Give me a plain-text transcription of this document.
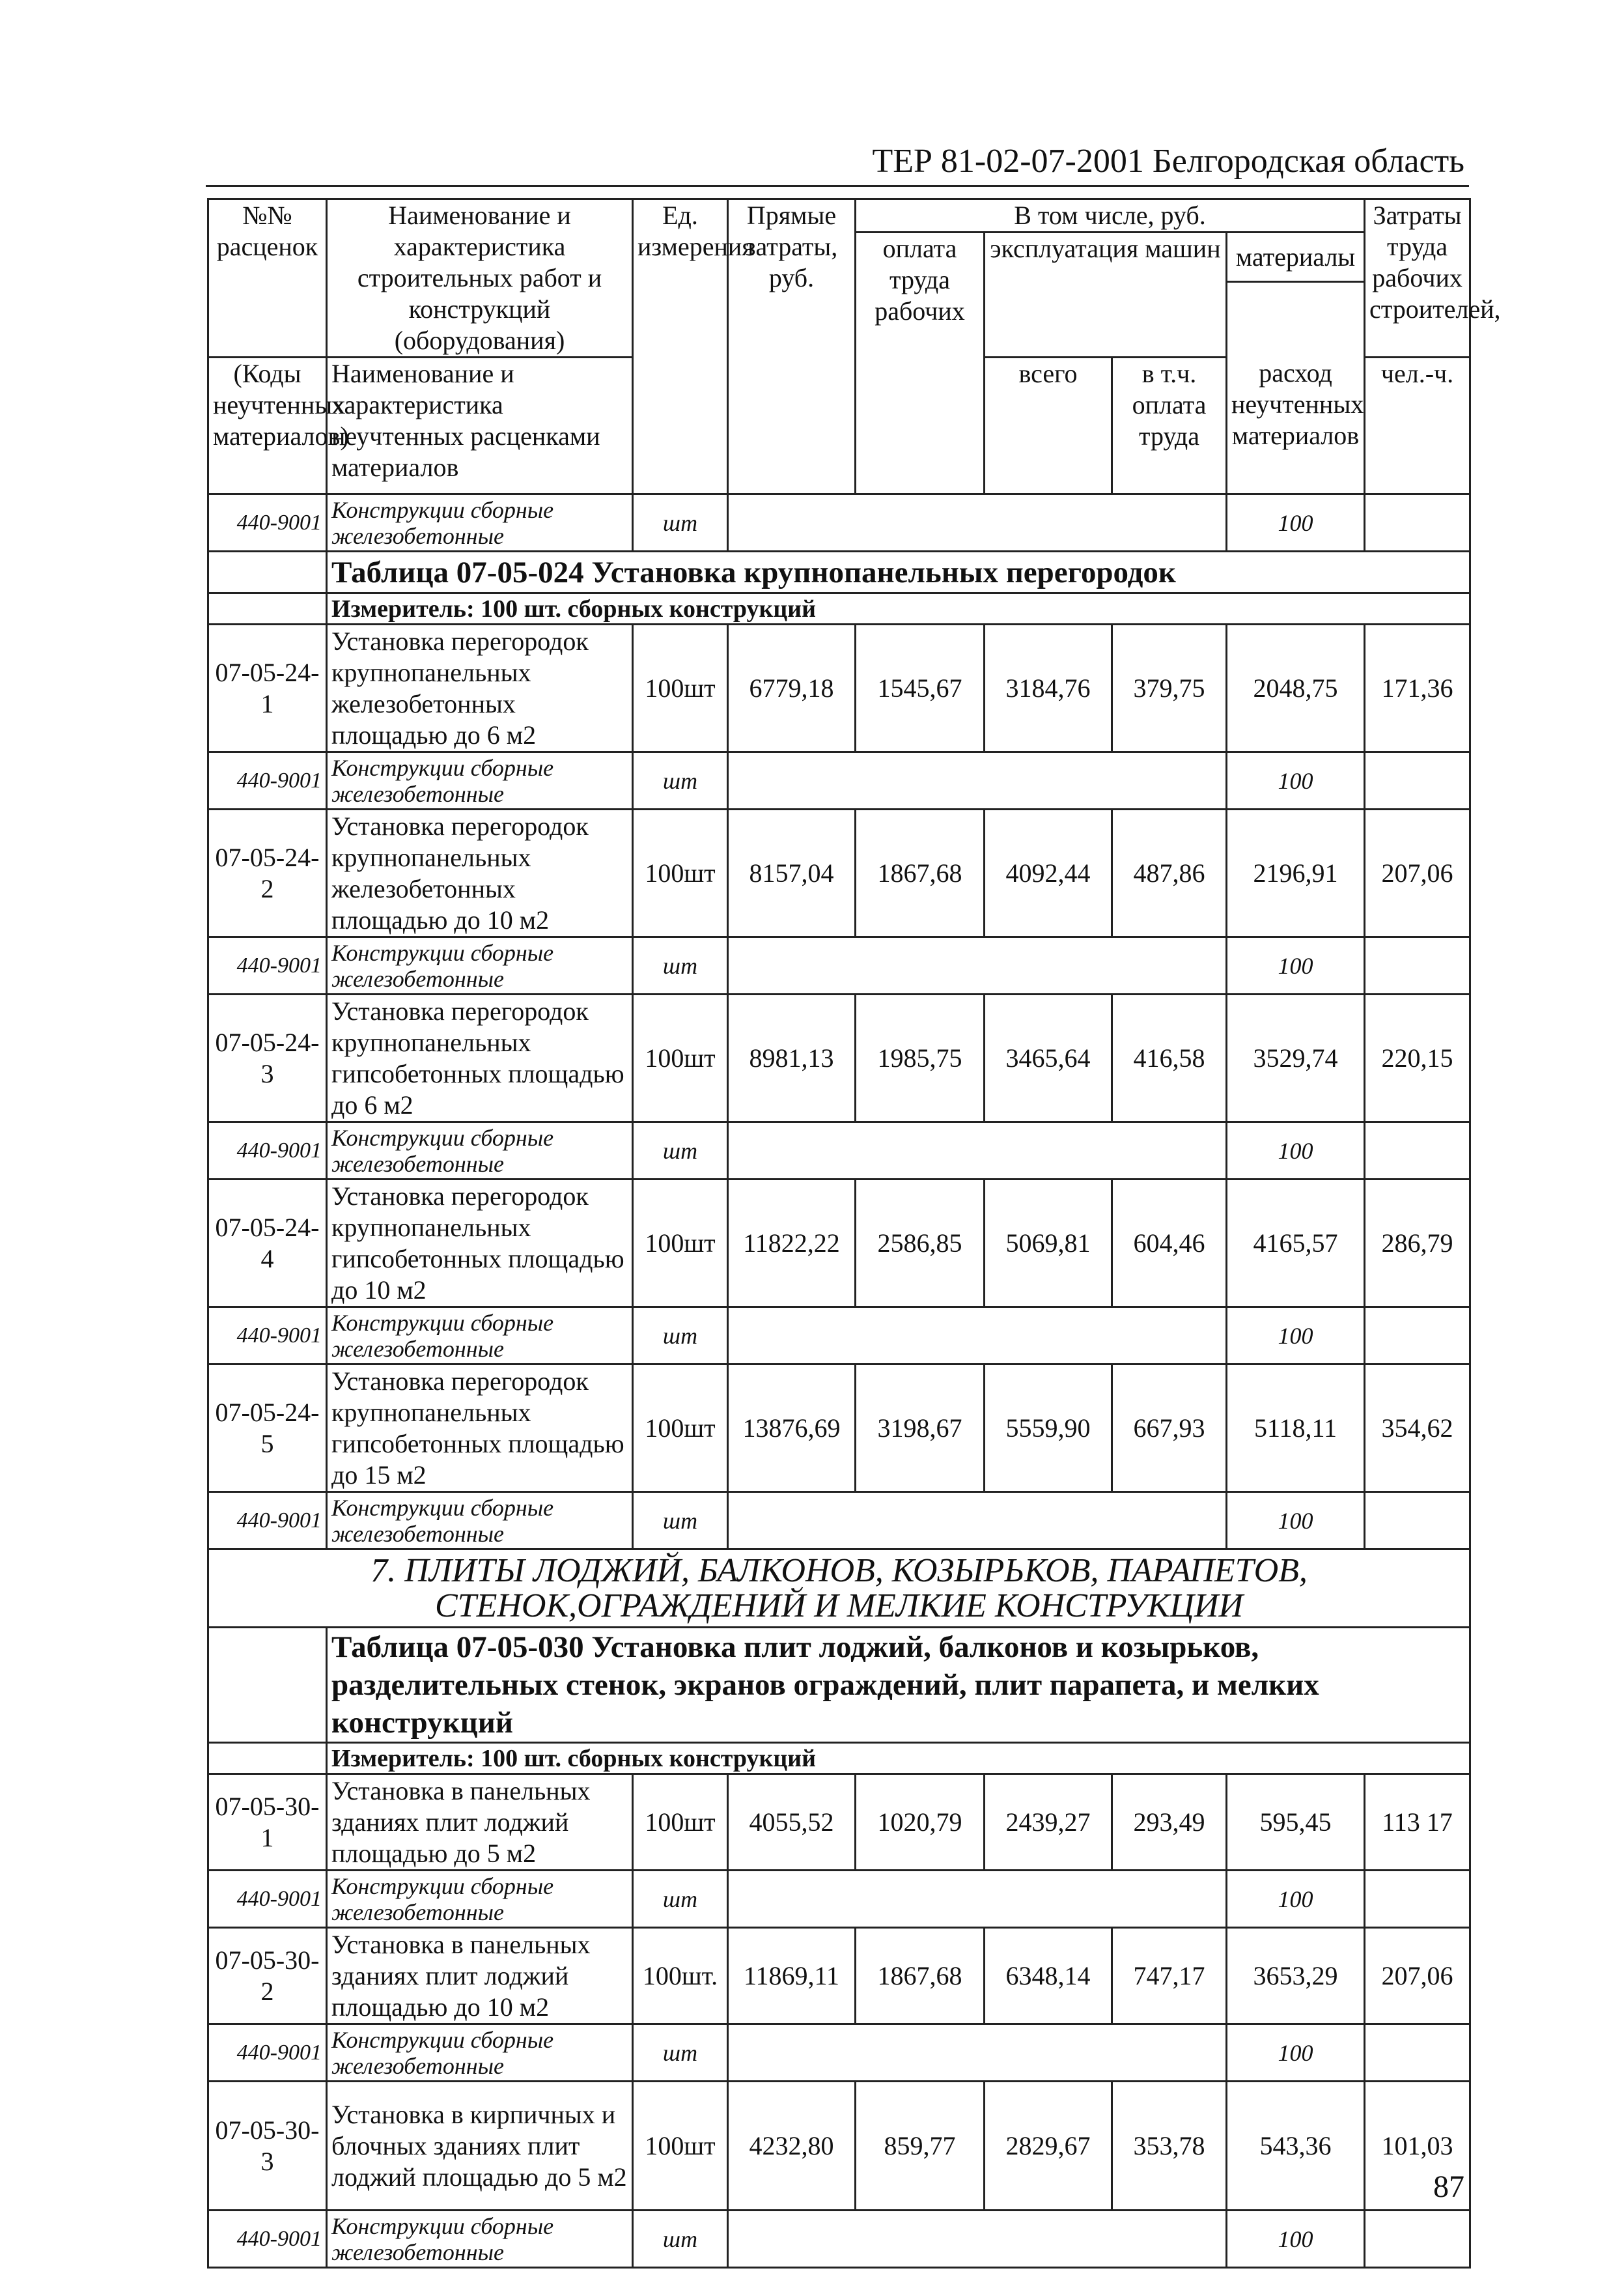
ТЕР 81-02-07-2001 Белгородская область
№№ расценок	Наименование и характеристика строительных работ и конструкций (оборудования)	Ед. измерения	Прямые затраты, руб.	В том числе, руб.				Затраты труда рабочих строителей,
				оплата труда рабочих	эксплуатация машин		материалы	

(Коды неучтенных материалов)	Наименование и характеристика неучтенных расценками материалов				всего	в т.ч. оплата труда	расход неучтенных материалов	чел.-ч.

440-9001	Конструкции сборные железобетонные	шт					100	
	Таблица 07-05-024 Установка крупнопанельных перегородок							
	Измеритель: 100 шт. сборных конструкций							
07-05-24-1	Установка перегородок крупнопанельных железобетонных площадью до 6 м2	100шт	6779,18	1545,67	3184,76	379,75	2048,75	171,36
440-9001	Конструкции сборные железобетонные	шт					100	
07-05-24-2	Установка перегородок крупнопанельных железобетонных площадью до 10 м2	100шт	8157,04	1867,68	4092,44	487,86	2196,91	207,06
440-9001	Конструкции сборные железобетонные	шт					100	
07-05-24-3	Установка перегородок крупнопанельных гипсобетонных площадью до 6 м2	100шт	8981,13	1985,75	3465,64	416,58	3529,74	220,15
440-9001	Конструкции сборные железобетонные	шт					100	
07-05-24-4	Установка перегородок крупнопанельных гипсобетонных площадью до 10 м2	100шт	11822,22	2586,85	5069,81	604,46	4165,57	286,79
440-9001	Конструкции сборные железобетонные	шт					100	
07-05-24-5	Установка перегородок крупнопанельных гипсобетонных площадью до 15 м2	100шт	13876,69	3198,67	5559,90	667,93	5118,11	354,62
440-9001	Конструкции сборные железобетонные	шт					100	
7. ПЛИТЫ ЛОДЖИЙ, БАЛКОНОВ, КОЗЫРЬКОВ, ПАРАПЕТОВ, СТЕНОК,ОГРАЖДЕНИЙ И МЕЛКИЕ КОНСТРУКЦИИ								
	Таблица 07-05-030 Установка плит лоджий, балконов и козырьков, разделительных стенок, экранов ограждений, плит парапета, и мелких конструкций							
	Измеритель: 100 шт. сборных конструкций							
07-05-30-1	Установка в панельных зданиях плит лоджий площадью до 5 м2	100шт	4055,52	1020,79	2439,27	293,49	595,45	113 17
440-9001	Конструкции сборные железобетонные	шт					100	
07-05-30-2	Установка в панельных зданиях плит лоджий площадью до 10 м2	100шт.	11869,11	1867,68	6348,14	747,17	3653,29	207,06
440-9001	Конструкции сборные железобетонные	шт					100	
07-05-30-3	Установка в кирпичных и блочных зданиях плит лоджий площадью до 5 м2	100шт	4232,80	859,77	2829,67	353,78	543,36	101,03
440-9001	Конструкции сборные железобетонные	шт					100	
87
